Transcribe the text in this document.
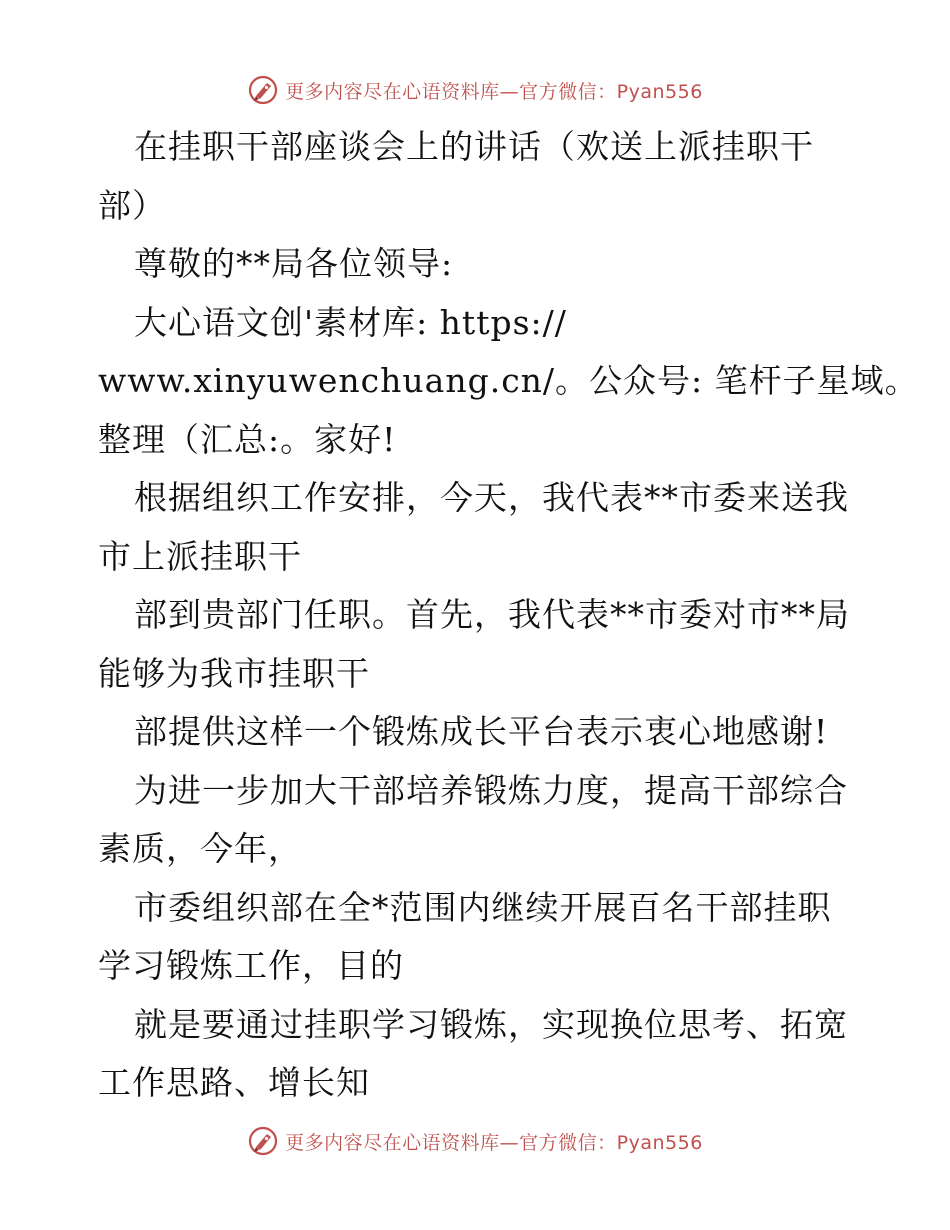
更多内容尽在心语资料库—官方微信：Pyan556
在挂职干部座谈会上的讲话（欢送上派挂职干
部）
尊敬的**局各位领导:
大心语文创'素材库: https://
www.xinyuwenchuang.cn/。公众号: 笔杆子星域。
整理（汇总:。家好!
根据组织工作安排，今天，我代表**市委来送我
市上派挂职干
部到贵部门任职。首先，我代表**市委对市**局
能够为我市挂职干
部提供这样一个锻炼成长平台表示衷心地感谢!
为进一步加大干部培养锻炼力度，提高干部综合
素质，今年，
市委组织部在全*范围内继续开展百名干部挂职
学习锻炼工作，目的
就是要通过挂职学习锻炼，实现换位思考、拓宽
工作思路、增长知
更多内容尽在心语资料库—官方微信：Pyan556
